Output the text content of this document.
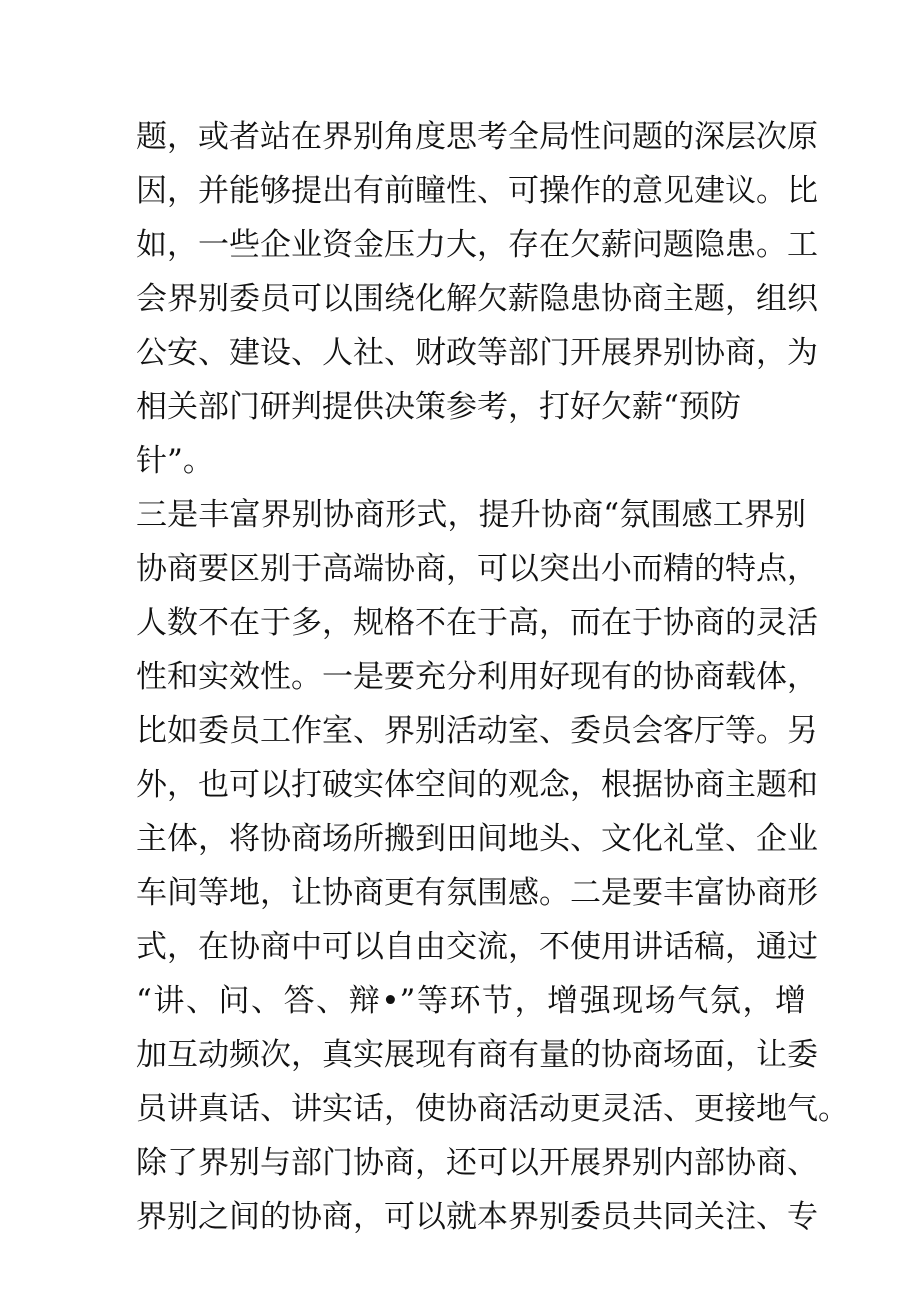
题，或者站在界别角度思考全局性问题的深层次原
因，并能够提出有前瞳性、可操作的意见建议。比
如，一些企业资金压力大，存在欠薪问题隐患。工
会界别委员可以围绕化解欠薪隐患协商主题，组织
公安、建设、人社、财政等部门开展界别协商，为
相关部门研判提供决策参考，打好欠薪“预防
针”。
三是丰富界别协商形式，提升协商“氛围感工界别
协商要区别于高端协商，可以突出小而精的特点，
人数不在于多，规格不在于高，而在于协商的灵活
性和实效性。一是要充分利用好现有的协商载体，
比如委员工作室、界别活动室、委员会客厅等。另
外，也可以打破实体空间的观念，根据协商主题和
主体，将协商场所搬到田间地头、文化礼堂、企业
车间等地，让协商更有氛围感。二是要丰富协商形
式，在协商中可以自由交流，不使用讲话稿，通过
“讲、问、答、辩•”等环节，增强现场气氛，增
加互动频次，真实展现有商有量的协商场面，让委
员讲真话、讲实话，使协商活动更灵活、更接地气。
除了界别与部门协商，还可以开展界别内部协商、
界别之间的协商，可以就本界别委员共同关注、专
